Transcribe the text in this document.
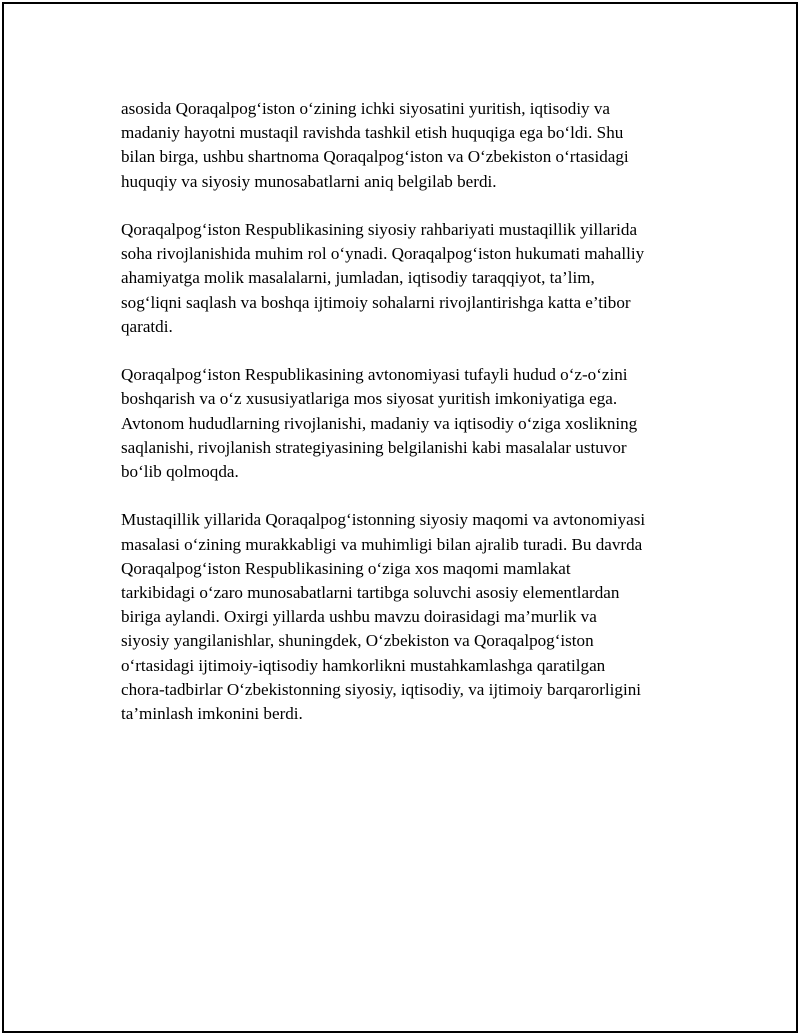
asosida Qoraqalpog‘iston o‘zining ichki siyosatini yuritish, iqtisodiy va
madaniy hayotni mustaqil ravishda tashkil etish huquqiga ega bo‘ldi. Shu
bilan birga, ushbu shartnoma Qoraqalpog‘iston va O‘zbekiston o‘rtasidagi
huquqiy va siyosiy munosabatlarni aniq belgilab berdi.

Qoraqalpog‘iston Respublikasining siyosiy rahbariyati mustaqillik yillarida
soha rivojlanishida muhim rol o‘ynadi. Qoraqalpog‘iston hukumati mahalliy
ahamiyatga molik masalalarni, jumladan, iqtisodiy taraqqiyot, ta’lim,
sog‘liqni saqlash va boshqa ijtimoiy sohalarni rivojlantirishga katta e’tibor
qaratdi.

Qoraqalpog‘iston Respublikasining avtonomiyasi tufayli hudud o‘z-o‘zini
boshqarish va o‘z xususiyatlariga mos siyosat yuritish imkoniyatiga ega.
Avtonom hududlarning rivojlanishi, madaniy va iqtisodiy o‘ziga xoslikning
saqlanishi, rivojlanish strategiyasining belgilanishi kabi masalalar ustuvor
bo‘lib qolmoqda.

Mustaqillik yillarida Qoraqalpog‘istonning siyosiy maqomi va avtonomiyasi
masalasi o‘zining murakkabligi va muhimligi bilan ajralib turadi. Bu davrda
Qoraqalpog‘iston Respublikasining o‘ziga xos maqomi mamlakat
tarkibidagi o‘zaro munosabatlarni tartibga soluvchi asosiy elementlardan
biriga aylandi. Oxirgi yillarda ushbu mavzu doirasidagi ma’murlik va
siyosiy yangilanishlar, shuningdek, O‘zbekiston va Qoraqalpog‘iston
o‘rtasidagi ijtimoiy-iqtisodiy hamkorlikni mustahkamlashga qaratilgan
chora-tadbirlar O‘zbekistonning siyosiy, iqtisodiy, va ijtimoiy barqarorligini
ta’minlash imkonini berdi.
